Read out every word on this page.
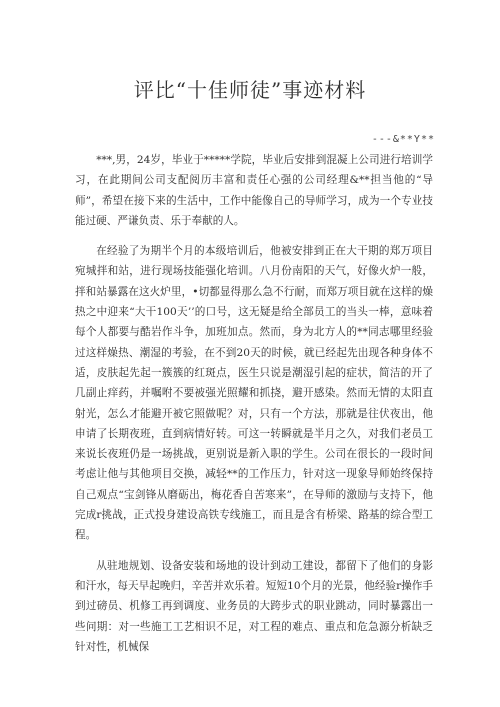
评比“十佳师徒”事迹材料
---&**Y**

***,男，24岁，毕业于*****学院，毕业后安排到混凝上公司进行培训学习，在此期间公司支配阅历丰富和责任心强的公司经理&**担当他的“导师”，希望在接下来的生活中，工作中能像自己的导师学习，成为一个专业技能过硬、严谦负责、乐于奉献的人。

在经验了为期半个月的本级培训后，他被安排到正在大干期的郑万项目宛城拌和站，进行现场技能强化培训。八月份南阳的天气，好像火炉一般，拌和站暴露在这火炉里，•切都显得那么急不行耐，而郑万项目就在这样的燥热之中迎来“大干100天’’的口号，这无疑是给全部员工的当头一棒，意味着每个人都要与酷岩作斗争，加班加点。然而，身为北方人的**同志哪里经验过这样燥热、潮湿的考验，在不到20天的时候，就已经起先出现各种身体不适，皮肤起先起一簇簇的红斑点，医生只说是潮湿引起的症状，简洁的开了几副止痒药，并嘱咐不要被强光照耀和抓挠，避开感染。然而无情的太阳直射光，怎么才能避开被它照做呢？对，只有一个方法，那就是往伏夜出，他申请了长期夜班，直到病情好转。可这一转瞬就是半月之久，对我们老员工来说长夜班仍是一场挑战，更别说是新入职的学生。公司在很长的一段时间考虑让他与其他项目交换，减轻**的工作压力，针对这一现象导师始终保持自己观点“宝剑锋从磨砺出，梅花香自苦寒来”，在导师的激励与支持下，他完成r挑战，正式投身建设高铁专线施工，而且是含有桥梁、路基的综合型工程。

从驻地规划、设备安装和场地的设计到动工建设，都留下了他们的身影和汗水，每天早起晚归，辛苦并欢乐着。短短10个月的光景，他经验r操作手到过磅员、机修工再到调度、业务员的大跨步式的职业跳动，同时暴露出一些问期：对一些施工工艺相识不足，对工程的难点、重点和危急源分析缺乏针对性，机械保
